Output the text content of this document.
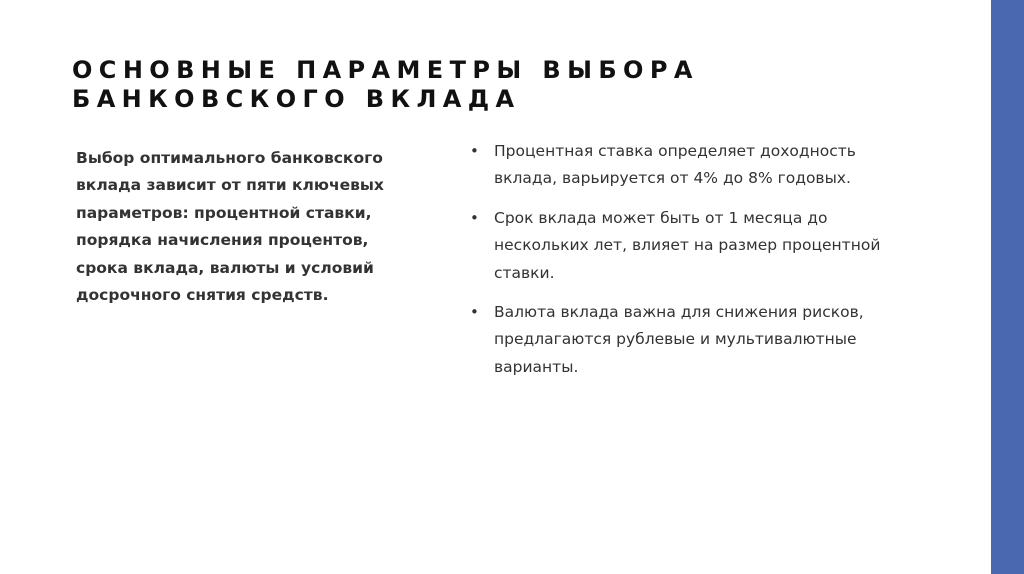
ОСНОВНЫЕ ПАРАМЕТРЫ ВЫБОРА
БАНКОВСКОГО ВКЛАДА

Выбор оптимального банковского
вклада зависит от пяти ключевых
параметров: процентной ставки,
порядка начисления процентов,
срока вклада, валюты и условий
досрочного снятия средств.

• Процентная ставка определяет доходность
вклада, варьируется от 4% до 8% годовых.
• Срок вклада может быть от 1 месяца до
нескольких лет, влияет на размер процентной
ставки.
• Валюта вклада важна для снижения рисков,
предлагаются рублевые и мультивалютные
варианты.
